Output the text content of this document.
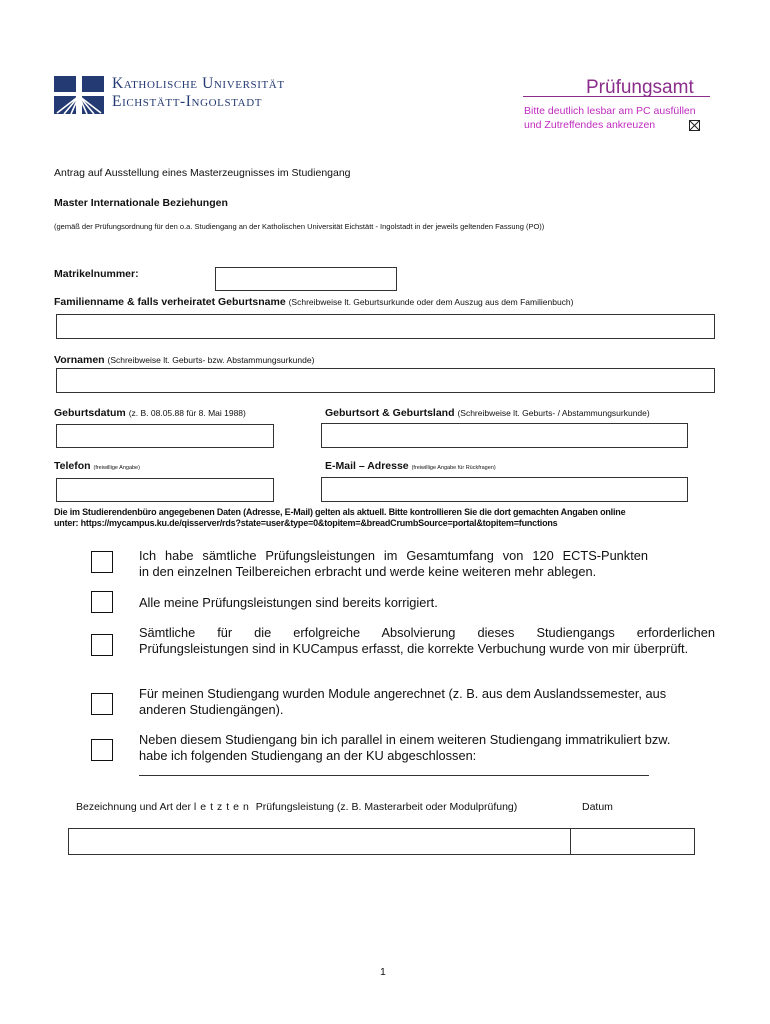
Katholische Universität
Eichstätt-Ingolstadt
Prüfungsamt
Bitte deutlich lesbar am PC ausfüllen
und Zutreffendes ankreuzen
Antrag auf Ausstellung eines Masterzeugnisses im Studiengang
Master Internationale Beziehungen
(gemäß der Prüfungsordnung für den o.a. Studiengang an der Katholischen Universität Eichstätt - Ingolstadt in der jeweils geltenden Fassung (PO))
Matrikelnummer:
Familienname & falls verheiratet Geburtsname (Schreibweise lt. Geburtsurkunde oder dem Auszug aus dem Familienbuch)
Vornamen (Schreibweise lt. Geburts- bzw. Abstammungsurkunde)
Geburtsdatum (z. B. 08.05.88 für 8. Mai 1988)	Geburtsort & Geburtsland (Schreibweise lt. Geburts- / Abstammungsurkunde)
Telefon (freiwillige Angabe)	E-Mail – Adresse (freiwillige Angabe für Rückfragen)
Die im Studierendenbüro angegebenen Daten (Adresse, E-Mail) gelten als aktuell. Bitte kontrollieren Sie die dort gemachten Angaben online
unter: https://mycampus.ku.de/qisserver/rds?state=user&type=0&topitem=&breadCrumbSource=portal&topitem=functions
Ich habe sämtliche Prüfungsleistungen im Gesamtumfang von 120 ECTS-Punkten
in den einzelnen Teilbereichen erbracht und werde keine weiteren mehr ablegen.
Alle meine Prüfungsleistungen sind bereits korrigiert.
Sämtliche für die erfolgreiche Absolvierung dieses Studiengangs erforderlichen
Prüfungsleistungen sind in KUCampus erfasst, die korrekte Verbuchung wurde von mir überprüft.
Für meinen Studiengang wurden Module angerechnet (z. B. aus dem Auslandssemester, aus
anderen Studiengängen).
Neben diesem Studiengang bin ich parallel in einem weiteren Studiengang immatrikuliert bzw.
habe ich folgenden Studiengang an der KU abgeschlossen:
Bezeichnung und Art der letzten Prüfungsleistung (z. B. Masterarbeit oder Modulprüfung)	Datum
1
